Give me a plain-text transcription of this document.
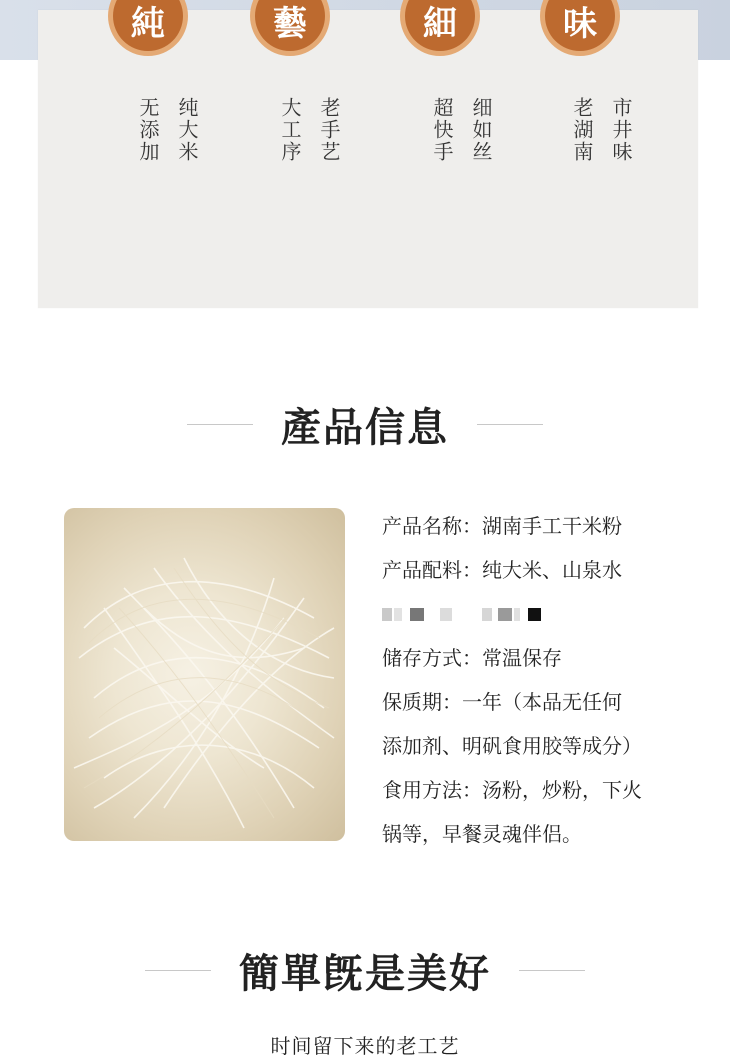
純	藝	細	味
纯大米
无添加	老手艺
大工序	细如丝
超快手	市井味
老湖南
產品信息
产品名称：湖南手工干米粉
产品配料：纯大米、山泉水
储存方式：常温保存
保质期：一年（本品无任何
添加剂、明矾食用胶等成分）
食用方法：汤粉，炒粉，下火
锅等，早餐灵魂伴侣。
簡單旣是美好
时间留下来的老工艺
